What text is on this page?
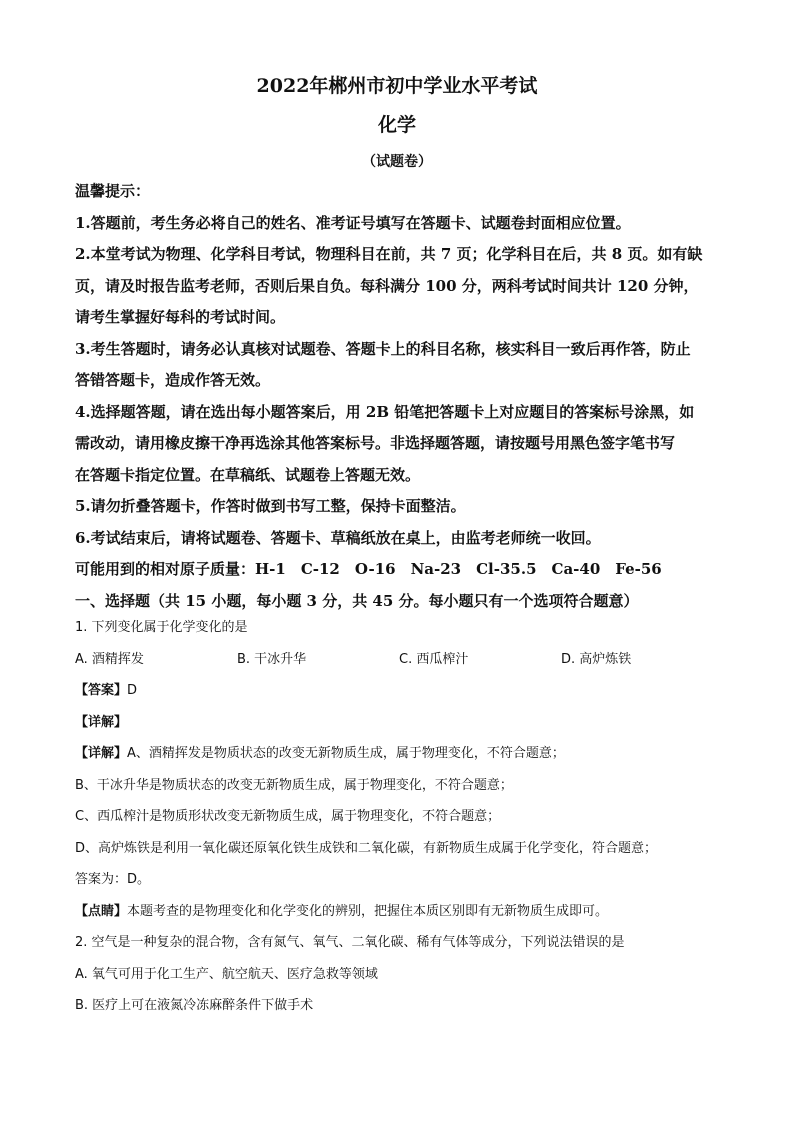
2022年郴州市初中学业水平考试
化学
（试题卷）
温馨提示：
1.答题前，考生务必将自己的姓名、准考证号填写在答题卡、试题卷封面相应位置。
2.本堂考试为物理、化学科目考试，物理科目在前，共 7 页；化学科目在后，共 8 页。如有缺
页，请及时报告监考老师，否则后果自负。每科满分 100 分，两科考试时间共计 120 分钟，
请考生掌握好每科的考试时间。
3.考生答题时，请务必认真核对试题卷、答题卡上的科目名称，核实科目一致后再作答，防止
答错答题卡，造成作答无效。
4.选择题答题，请在选出每小题答案后，用 2B 铅笔把答题卡上对应题目的答案标号涂黑，如
需改动，请用橡皮擦干净再选涂其他答案标号。非选择题答题，请按题号用黑色签字笔书写
在答题卡指定位置。在草稿纸、试题卷上答题无效。
5.请勿折叠答题卡，作答时做到书写工整，保持卡面整洁。
6.考试结束后，请将试题卷、答题卡、草稿纸放在桌上，由监考老师统一收回。
可能用到的相对原子质量：H-1　C-12　O-16　Na-23　Cl-35.5　Ca-40　Fe-56
一、选择题（共 15 小题，每小题 3 分，共 45 分。每小题只有一个选项符合题意）
1. 下列变化属于化学变化的是
A. 酒精挥发	B. 干冰升华	C. 西瓜榨汁	D. 高炉炼铁
【答案】D
【详解】
【详解】A、酒精挥发是物质状态的改变无新物质生成，属于物理变化，不符合题意；
B、干冰升华是物质状态的改变无新物质生成，属于物理变化，不符合题意；
C、西瓜榨汁是物质形状改变无新物质生成，属于物理变化，不符合题意；
D、高炉炼铁是利用一氧化碳还原氧化铁生成铁和二氧化碳，有新物质生成属于化学变化，符合题意；
答案为：D。
【点睛】本题考查的是物理变化和化学变化的辨别，把握住本质区别即有无新物质生成即可。
2. 空气是一种复杂的混合物，含有氮气、氧气、二氧化碳、稀有气体等成分，下列说法错误的是
A. 氧气可用于化工生产、航空航天、医疗急救等领域
B. 医疗上可在液氮冷冻麻醉条件下做手术
